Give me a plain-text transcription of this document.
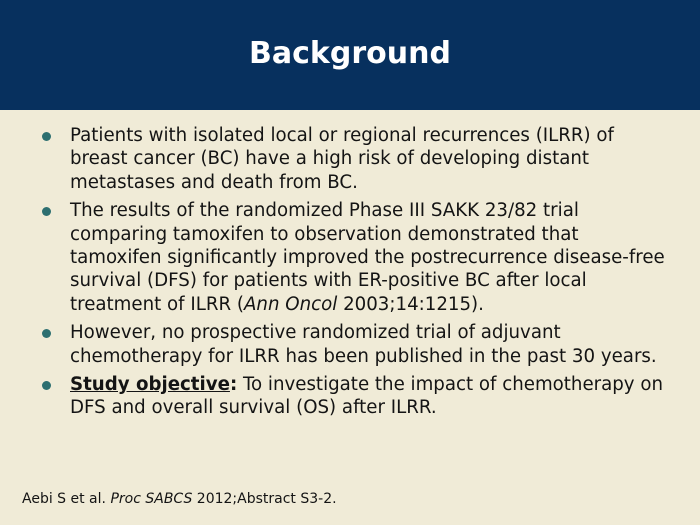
Background
Patients with isolated local or regional recurrences (ILRR) of breast cancer (BC) have a high risk of developing distant metastases and death from BC.
The results of the randomized Phase III SAKK 23/82 trial comparing tamoxifen to observation demonstrated that tamoxifen significantly improved the postrecurrence disease-free survival (DFS) for patients with ER-positive BC after local treatment of ILRR (Ann Oncol 2003;14:1215).
However, no prospective randomized trial of adjuvant chemotherapy for ILRR has been published in the past 30 years.
Study objective: To investigate the impact of chemotherapy on DFS and overall survival (OS) after ILRR.
Aebi S et al. Proc SABCS 2012;Abstract S3-2.
